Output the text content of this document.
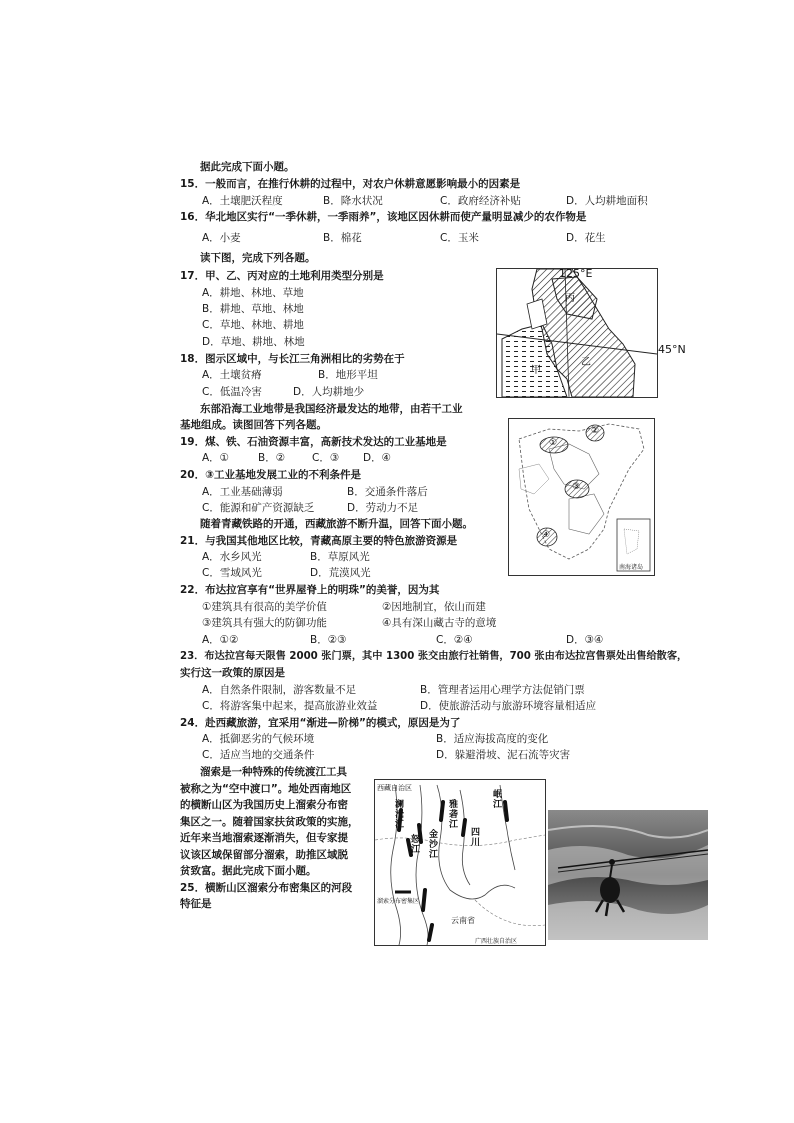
据此完成下面小题。
15．一般而言，在推行休耕的过程中，对农户休耕意愿影响最小的因素是
A．土壤肥沃程度	B．降水状况	C．政府经济补贴	D．人均耕地面积
16．华北地区实行“一季休耕，一季雨养”，该地区因休耕而使产量明显减少的农作物是
A．小麦	B．棉花	C．玉米	D．花生
读下图，完成下列各题。
125°E
丙
甲
乙
45°N
17．甲、乙、丙对应的土地利用类型分别是
A．耕地、林地、草地
B．耕地、草地、林地
C．草地、林地、耕地
D．草地、耕地、林地
18．图示区域中，与长江三角洲相比的劣势在于
A．土壤贫瘠	B．地形平坦
C．低温冷害	D．人均耕地少
东部沿海工业地带是我国经济最发达的地带，由若干工业
基地组成。读图回答下列各题。
①
②
③
④
南海诸岛
19．煤、铁、石油资源丰富，高新技术发达的工业基地是
A．①	B．②	C．③ D．④
20．③工业基地发展工业的不利条件是
A．工业基础薄弱	B．交通条件落后
C．能源和矿产资源缺乏	D．劳动力不足
随着青藏铁路的开通，西藏旅游不断升温，回答下面小题。
21．与我国其他地区比较，青藏高原主要的特色旅游资源是
A．水乡风光	B．草原风光
C．雪域风光	D．荒漠风光
22．布达拉宫享有“世界屋脊上的明珠”的美誉，因为其
①建筑具有很高的美学价值	②因地制宜，依山而建
③建筑具有强大的防御功能	④具有深山藏古寺的意境
A．①②	B．②③	C．②④	D．③④
23．布达拉宫每天限售 2000 张门票，其中 1300 张交由旅行社销售，700 张由布达拉宫售票处出售给散客，
实行这一政策的原因是
A．自然条件限制，游客数量不足	B．管理者运用心理学方法促销门票
C．将游客集中起来，提高旅游业效益	D．使旅游活动与旅游环境容量相适应
24．赴西藏旅游，宜采用“渐进—阶梯”的模式，原因是为了
A．抵御恶劣的气候环境	B．适应海拔高度的变化
C．适应当地的交通条件	D．躲避滑坡、泥石流等灾害
溜索是一种特殊的传统渡江工具
被称之为“空中渡口”。地处西南地区
的横断山区为我国历史上溜索分布密
集区之一。随着国家扶贫政策的实施，
近年来当地溜索逐渐消失，但专家提
议该区域保留部分溜索，助推区域脱
贫致富。据此完成下面小题。
25．横断山区溜索分布密集区的河段
特征是
西藏自治区
澜沧江
怒江
金沙江
雅砻江
岷江
四川
云南省
溜索分布密集区
广西壮族自治区
